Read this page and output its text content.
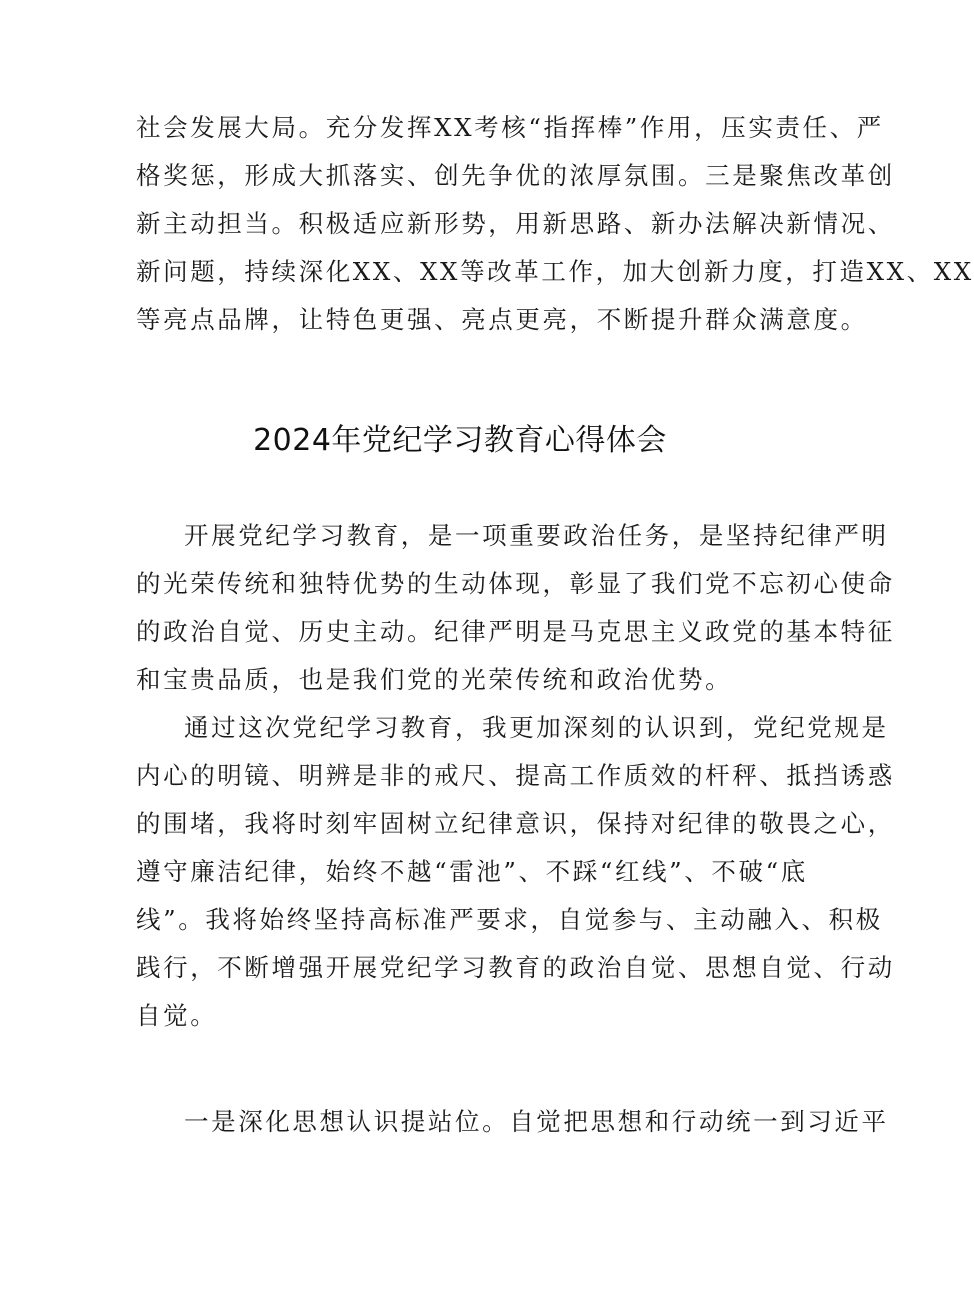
社会发展大局。充分发挥XX考核“指挥棒”作用，压实责任、严
格奖惩，形成大抓落实、创先争优的浓厚氛围。三是聚焦改革创
新主动担当。积极适应新形势，用新思路、新办法解决新情况、
新问题，持续深化XX、XX等改革工作，加大创新力度，打造XX、XX
等亮点品牌，让特色更强、亮点更亮，不断提升群众满意度。
2024年党纪学习教育心得体会
开展党纪学习教育，是一项重要政治任务，是坚持纪律严明
的光荣传统和独特优势的生动体现，彰显了我们党不忘初心使命
的政治自觉、历史主动。纪律严明是马克思主义政党的基本特征
和宝贵品质，也是我们党的光荣传统和政治优势。
通过这次党纪学习教育，我更加深刻的认识到，党纪党规是
内心的明镜、明辨是非的戒尺、提高工作质效的杆秤、抵挡诱惑
的围堵，我将时刻牢固树立纪律意识，保持对纪律的敬畏之心，
遵守廉洁纪律，始终不越“雷池”、不踩“红线”、不破“底
线”。我将始终坚持高标准严要求，自觉参与、主动融入、积极
践行，不断增强开展党纪学习教育的政治自觉、思想自觉、行动
自觉。
一是深化思想认识提站位。自觉把思想和行动统一到习近平
